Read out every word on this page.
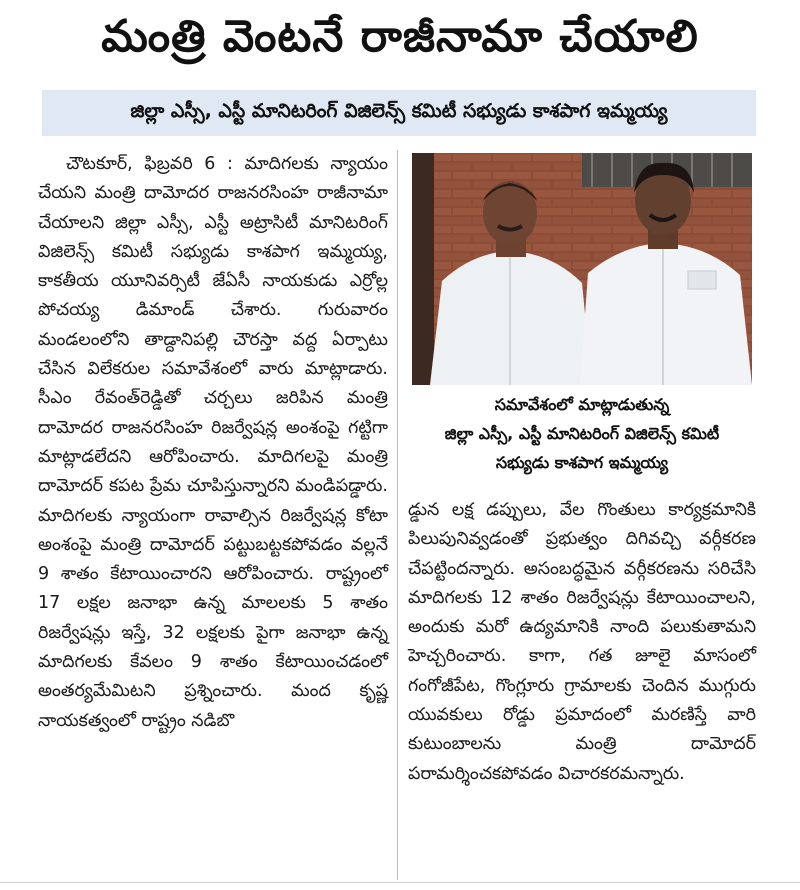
మంత్రి వెంటనే రాజీనామా చేయాలి
జిల్లా ఎస్సీ, ఎస్టీ మానిటరింగ్ విజిలెన్స్ కమిటీ సభ్యుడు కాశపాగ ఇమ్మయ్య

చౌటకూర్, ఫిబ్రవరి 6 : మాదిగలకు న్యాయం చేయని మంత్రి దామోదర రాజనరసింహ రాజీనామా చేయాలని జిల్లా ఎస్సీ, ఎస్టీ అట్రాసిటీ మానిటరింగ్ విజిలెన్స్ కమిటీ సభ్యుడు కాశపాగ ఇమ్మయ్య, కాకతీయ యూనివర్సిటీ జేఏసీ నాయకుడు ఎర్రోల్ల పోచయ్య డిమాండ్ చేశారు. గురువారం మండలంలోని తాడ్దానిపల్లి చౌరస్తా వద్ద ఏర్పాటు చేసిన విలేకరుల సమావేశంలో వారు మాట్లాడారు. సీఎం రేవంత్‌రెడ్డితో చర్చలు జరిపిన మంత్రి దామోదర రాజనరసింహ రిజర్వేషన్ల అంశంపై గట్టిగా మాట్లాడలేదని ఆరోపించారు. మాదిగలపై మంత్రి దామోదర్ కపట ప్రేమ చూపిస్తున్నారని మండిపడ్డారు. మాదిగలకు న్యాయంగా రావాల్సిన రిజర్వేషన్ల కోటా అంశంపై మంత్రి దామోదర్ పట్టుబట్టకపోవడం వల్లనే 9 శాతం కేటాయించారని ఆరోపించారు. రాష్ట్రంలో 17 లక్షల జనాభా ఉన్న మాలలకు 5 శాతం రిజర్వేషన్లు ఇస్తే, 32 లక్షలకు పైగా జనాభా ఉన్న మాదిగలకు కేవలం 9 శాతం కేటాయించడంలో అంతర్యమేమిటని ప్రశ్నించారు. మంద కృష్ణ నాయకత్వంలో రాష్ట్రం నడిబొ

సమావేశంలో మాట్లాడుతున్న
జిల్లా ఎస్సీ, ఎస్టీ మానిటరింగ్ విజిలెన్స్ కమిటీ
సభ్యుడు కాశపాగ ఇమ్మయ్య

డ్డున లక్ష డప్పులు, వేల గొంతులు కార్యక్రమానికి పిలుపునివ్వడంతో ప్రభుత్వం దిగివచ్చి వర్గీకరణ చేపట్టిందన్నారు. అసంబద్ధమైన వర్గీకరణను సరిచేసి మాదిగలకు 12 శాతం రిజర్వేషన్లు కేటాయించాలని, అందుకు మరో ఉద్యమానికి నాంది పలుకుతామని హెచ్చరించారు. కాగా, గత జూలై మాసంలో గంగోజీపేట, గొంగ్లూరు గ్రామాలకు చెందిన ముగ్గురు యువకులు రోడ్డు ప్రమాదంలో మరణిస్తే వారి కుటుంబాలను మంత్రి దామోదర్ పరామర్శించకపోవడం విచారకరమన్నారు.
